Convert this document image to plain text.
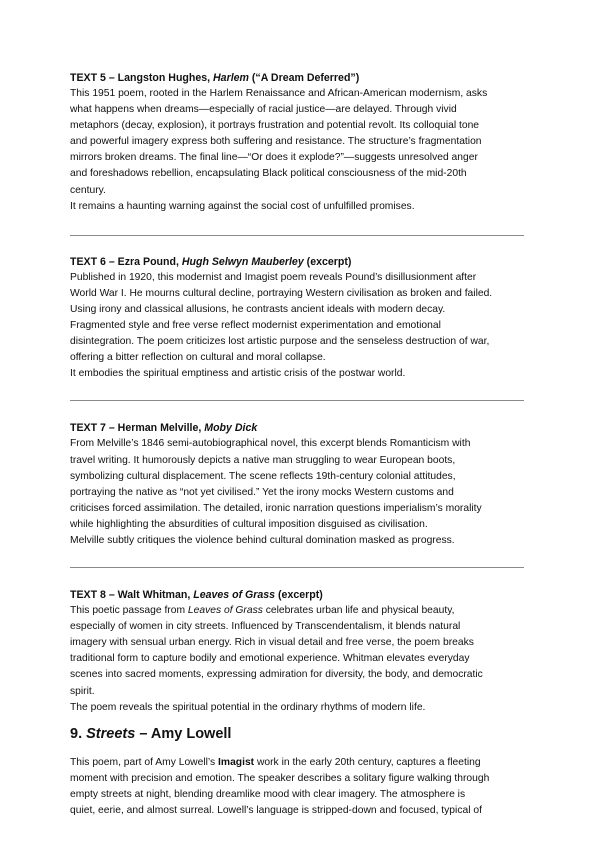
TEXT 5 – Langston Hughes, Harlem (“A Dream Deferred”)

This 1951 poem, rooted in the Harlem Renaissance and African-American modernism, asks
what happens when dreams—especially of racial justice—are delayed. Through vivid
metaphors (decay, explosion), it portrays frustration and potential revolt. Its colloquial tone
and powerful imagery express both suffering and resistance. The structure’s fragmentation
mirrors broken dreams. The final line—“Or does it explode?”—suggests unresolved anger
and foreshadows rebellion, encapsulating Black political consciousness of the mid-20th
century.

It remains a haunting warning against the social cost of unfulfilled promises.

TEXT 6 – Ezra Pound, Hugh Selwyn Mauberley (excerpt)

Published in 1920, this modernist and Imagist poem reveals Pound’s disillusionment after
World War I. He mourns cultural decline, portraying Western civilisation as broken and failed.
Using irony and classical allusions, he contrasts ancient ideals with modern decay.
Fragmented style and free verse reflect modernist experimentation and emotional
disintegration. The poem criticizes lost artistic purpose and the senseless destruction of war,
offering a bitter reflection on cultural and moral collapse.

It embodies the spiritual emptiness and artistic crisis of the postwar world.

TEXT 7 – Herman Melville, Moby Dick

From Melville’s 1846 semi-autobiographical novel, this excerpt blends Romanticism with
travel writing. It humorously depicts a native man struggling to wear European boots,
symbolizing cultural displacement. The scene reflects 19th-century colonial attitudes,
portraying the native as “not yet civilised.” Yet the irony mocks Western customs and
criticises forced assimilation. The detailed, ironic narration questions imperialism’s morality
while highlighting the absurdities of cultural imposition disguised as civilisation.

Melville subtly critiques the violence behind cultural domination masked as progress.

TEXT 8 – Walt Whitman, Leaves of Grass (excerpt)

This poetic passage from Leaves of Grass celebrates urban life and physical beauty,
especially of women in city streets. Influenced by Transcendentalism, it blends natural
imagery with sensual urban energy. Rich in visual detail and free verse, the poem breaks
traditional form to capture bodily and emotional experience. Whitman elevates everyday
scenes into sacred moments, expressing admiration for diversity, the body, and democratic
spirit.

The poem reveals the spiritual potential in the ordinary rhythms of modern life.

9. Streets – Amy Lowell

This poem, part of Amy Lowell’s Imagist work in the early 20th century, captures a fleeting
moment with precision and emotion. The speaker describes a solitary figure walking through
empty streets at night, blending dreamlike mood with clear imagery. The atmosphere is
quiet, eerie, and almost surreal. Lowell’s language is stripped-down and focused, typical of
